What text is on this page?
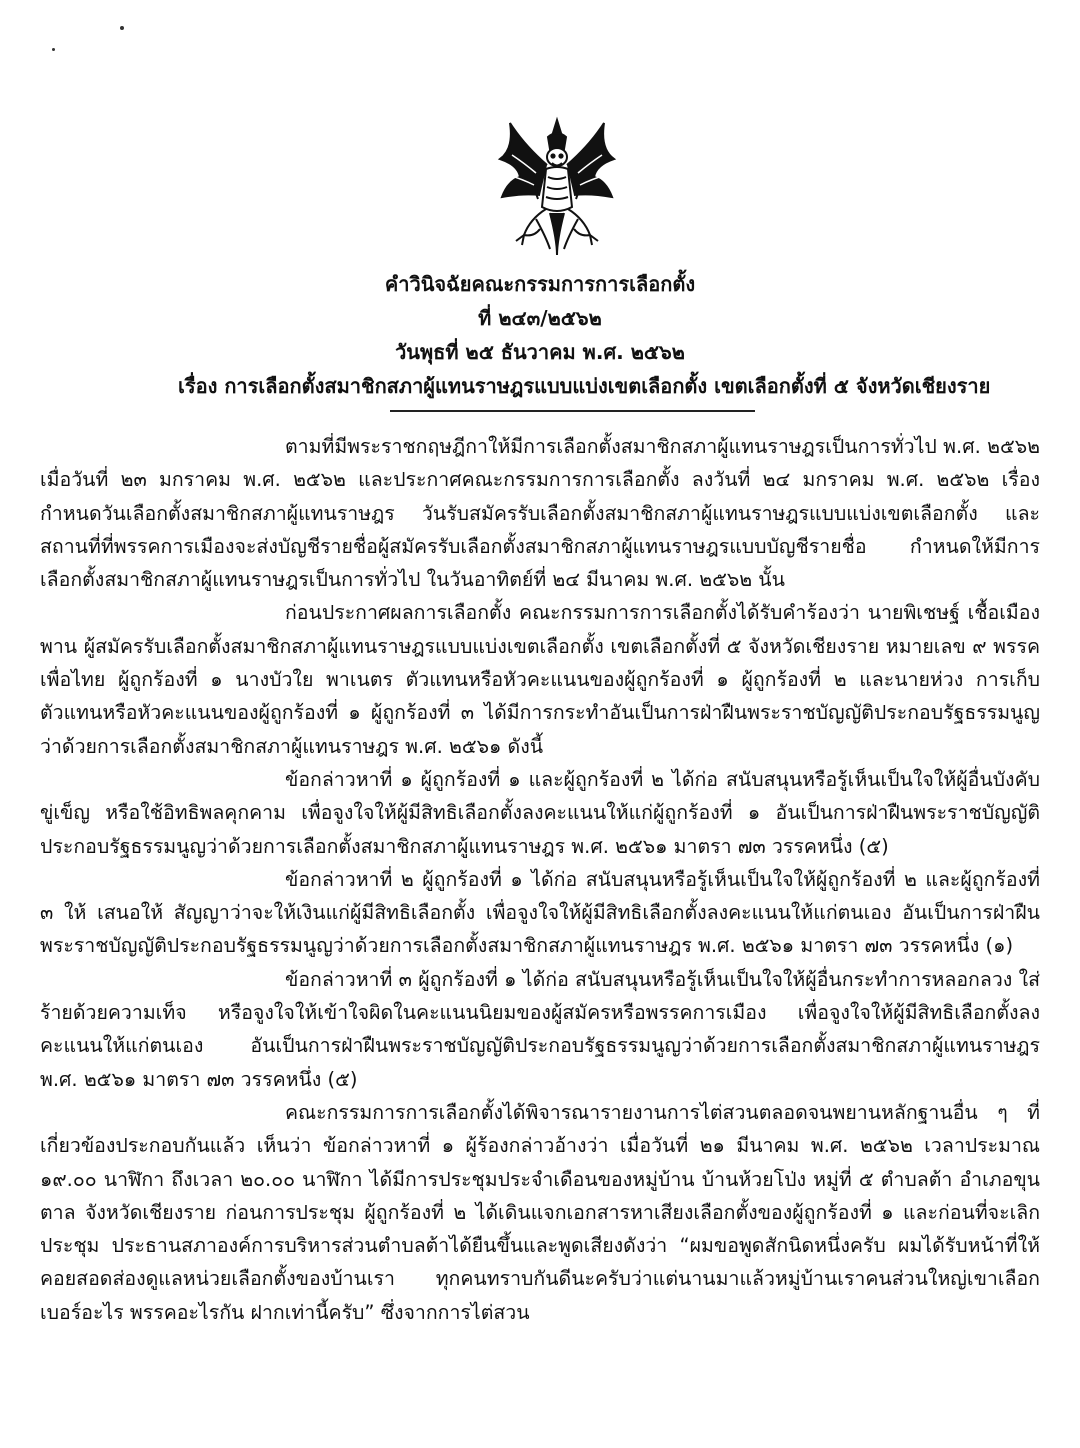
คำวินิจฉัยคณะกรรมการการเลือกตั้ง
ที่ ๒๔๓/๒๕๖๒
วันพุธที่ ๒๕ ธันวาคม พ.ศ. ๒๕๖๒
เรื่อง การเลือกตั้งสมาชิกสภาผู้แทนราษฎรแบบแบ่งเขตเลือกตั้ง เขตเลือกตั้งที่ ๕ จังหวัดเชียงราย

ตามที่มีพระราชกฤษฎีกาให้มีการเลือกตั้งสมาชิกสภาผู้แทนราษฎรเป็นการทั่วไป พ.ศ. ๒๕๖๒ เมื่อวันที่ ๒๓ มกราคม พ.ศ. ๒๕๖๒ และประกาศคณะกรรมการการเลือกตั้ง ลงวันที่ ๒๔ มกราคม พ.ศ. ๒๕๖๒ เรื่อง กำหนดวันเลือกตั้งสมาชิกสภาผู้แทนราษฎร วันรับสมัครรับเลือกตั้งสมาชิกสภาผู้แทนราษฎรแบบแบ่งเขตเลือกตั้ง และสถานที่ที่พรรคการเมืองจะส่งบัญชีรายชื่อผู้สมัครรับเลือกตั้งสมาชิกสภาผู้แทนราษฎรแบบบัญชีรายชื่อ กำหนดให้มีการเลือกตั้งสมาชิกสภาผู้แทนราษฎรเป็นการทั่วไป ในวันอาทิตย์ที่ ๒๔ มีนาคม พ.ศ. ๒๕๖๒ นั้น

ก่อนประกาศผลการเลือกตั้ง คณะกรรมการการเลือกตั้งได้รับคำร้องว่า นายพิเชษฐ์ เชื้อเมืองพาน ผู้สมัครรับเลือกตั้งสมาชิกสภาผู้แทนราษฎรแบบแบ่งเขตเลือกตั้ง เขตเลือกตั้งที่ ๕ จังหวัดเชียงราย หมายเลข ๙ พรรคเพื่อไทย ผู้ถูกร้องที่ ๑ นางบัวใย พาเนตร ตัวแทนหรือหัวคะแนนของผู้ถูกร้องที่ ๑ ผู้ถูกร้องที่ ๒ และนายห่วง การเก็บ ตัวแทนหรือหัวคะแนนของผู้ถูกร้องที่ ๑ ผู้ถูกร้องที่ ๓ ได้มีการกระทำอันเป็นการฝ่าฝืนพระราชบัญญัติประกอบรัฐธรรมนูญว่าด้วยการเลือกตั้งสมาชิกสภาผู้แทนราษฎร พ.ศ. ๒๕๖๑ ดังนี้

ข้อกล่าวหาที่ ๑ ผู้ถูกร้องที่ ๑ และผู้ถูกร้องที่ ๒ ได้ก่อ สนับสนุนหรือรู้เห็นเป็นใจให้ผู้อื่นบังคับ ขู่เข็ญ หรือใช้อิทธิพลคุกคาม เพื่อจูงใจให้ผู้มีสิทธิเลือกตั้งลงคะแนนให้แก่ผู้ถูกร้องที่ ๑ อันเป็นการฝ่าฝืนพระราชบัญญัติประกอบรัฐธรรมนูญว่าด้วยการเลือกตั้งสมาชิกสภาผู้แทนราษฎร พ.ศ. ๒๕๖๑ มาตรา ๗๓ วรรคหนึ่ง (๕)

ข้อกล่าวหาที่ ๒ ผู้ถูกร้องที่ ๑ ได้ก่อ สนับสนุนหรือรู้เห็นเป็นใจให้ผู้ถูกร้องที่ ๒ และผู้ถูกร้องที่ ๓ ให้ เสนอให้ สัญญาว่าจะให้เงินแก่ผู้มีสิทธิเลือกตั้ง เพื่อจูงใจให้ผู้มีสิทธิเลือกตั้งลงคะแนนให้แก่ตนเอง อันเป็นการฝ่าฝืนพระราชบัญญัติประกอบรัฐธรรมนูญว่าด้วยการเลือกตั้งสมาชิกสภาผู้แทนราษฎร พ.ศ. ๒๕๖๑ มาตรา ๗๓ วรรคหนึ่ง (๑)

ข้อกล่าวหาที่ ๓ ผู้ถูกร้องที่ ๑ ได้ก่อ สนับสนุนหรือรู้เห็นเป็นใจให้ผู้อื่นกระทำการหลอกลวง ใส่ร้ายด้วยความเท็จ หรือจูงใจให้เข้าใจผิดในคะแนนนิยมของผู้สมัครหรือพรรคการเมือง เพื่อจูงใจให้ผู้มีสิทธิเลือกตั้งลงคะแนนให้แก่ตนเอง อันเป็นการฝ่าฝืนพระราชบัญญัติประกอบรัฐธรรมนูญว่าด้วยการเลือกตั้งสมาชิกสภาผู้แทนราษฎร พ.ศ. ๒๕๖๑ มาตรา ๗๓ วรรคหนึ่ง (๕)

คณะกรรมการการเลือกตั้งได้พิจารณารายงานการไต่สวนตลอดจนพยานหลักฐานอื่น ๆ ที่เกี่ยวข้องประกอบกันแล้ว เห็นว่า ข้อกล่าวหาที่ ๑ ผู้ร้องกล่าวอ้างว่า เมื่อวันที่ ๒๑ มีนาคม พ.ศ. ๒๕๖๒ เวลาประมาณ ๑๙.๐๐ นาฬิกา ถึงเวลา ๒๐.๐๐ นาฬิกา ได้มีการประชุมประจำเดือนของหมู่บ้าน บ้านห้วยโป่ง หมู่ที่ ๕ ตำบลต้า อำเภอขุนตาล จังหวัดเชียงราย ก่อนการประชุม ผู้ถูกร้องที่ ๒ ได้เดินแจกเอกสารหาเสียงเลือกตั้งของผู้ถูกร้องที่ ๑ และก่อนที่จะเลิกประชุม ประธานสภาองค์การบริหารส่วนตำบลต้าได้ยืนขึ้นและพูดเสียงดังว่า “ผมขอพูดสักนิดหนึ่งครับ ผมได้รับหน้าที่ให้คอยสอดส่องดูแลหน่วยเลือกตั้งของบ้านเรา ทุกคนทราบกันดีนะครับว่าแต่นานมาแล้วหมู่บ้านเราคนส่วนใหญ่เขาเลือกเบอร์อะไร พรรคอะไรกัน ฝากเท่านี้ครับ” ซึ่งจากการไต่สวน
